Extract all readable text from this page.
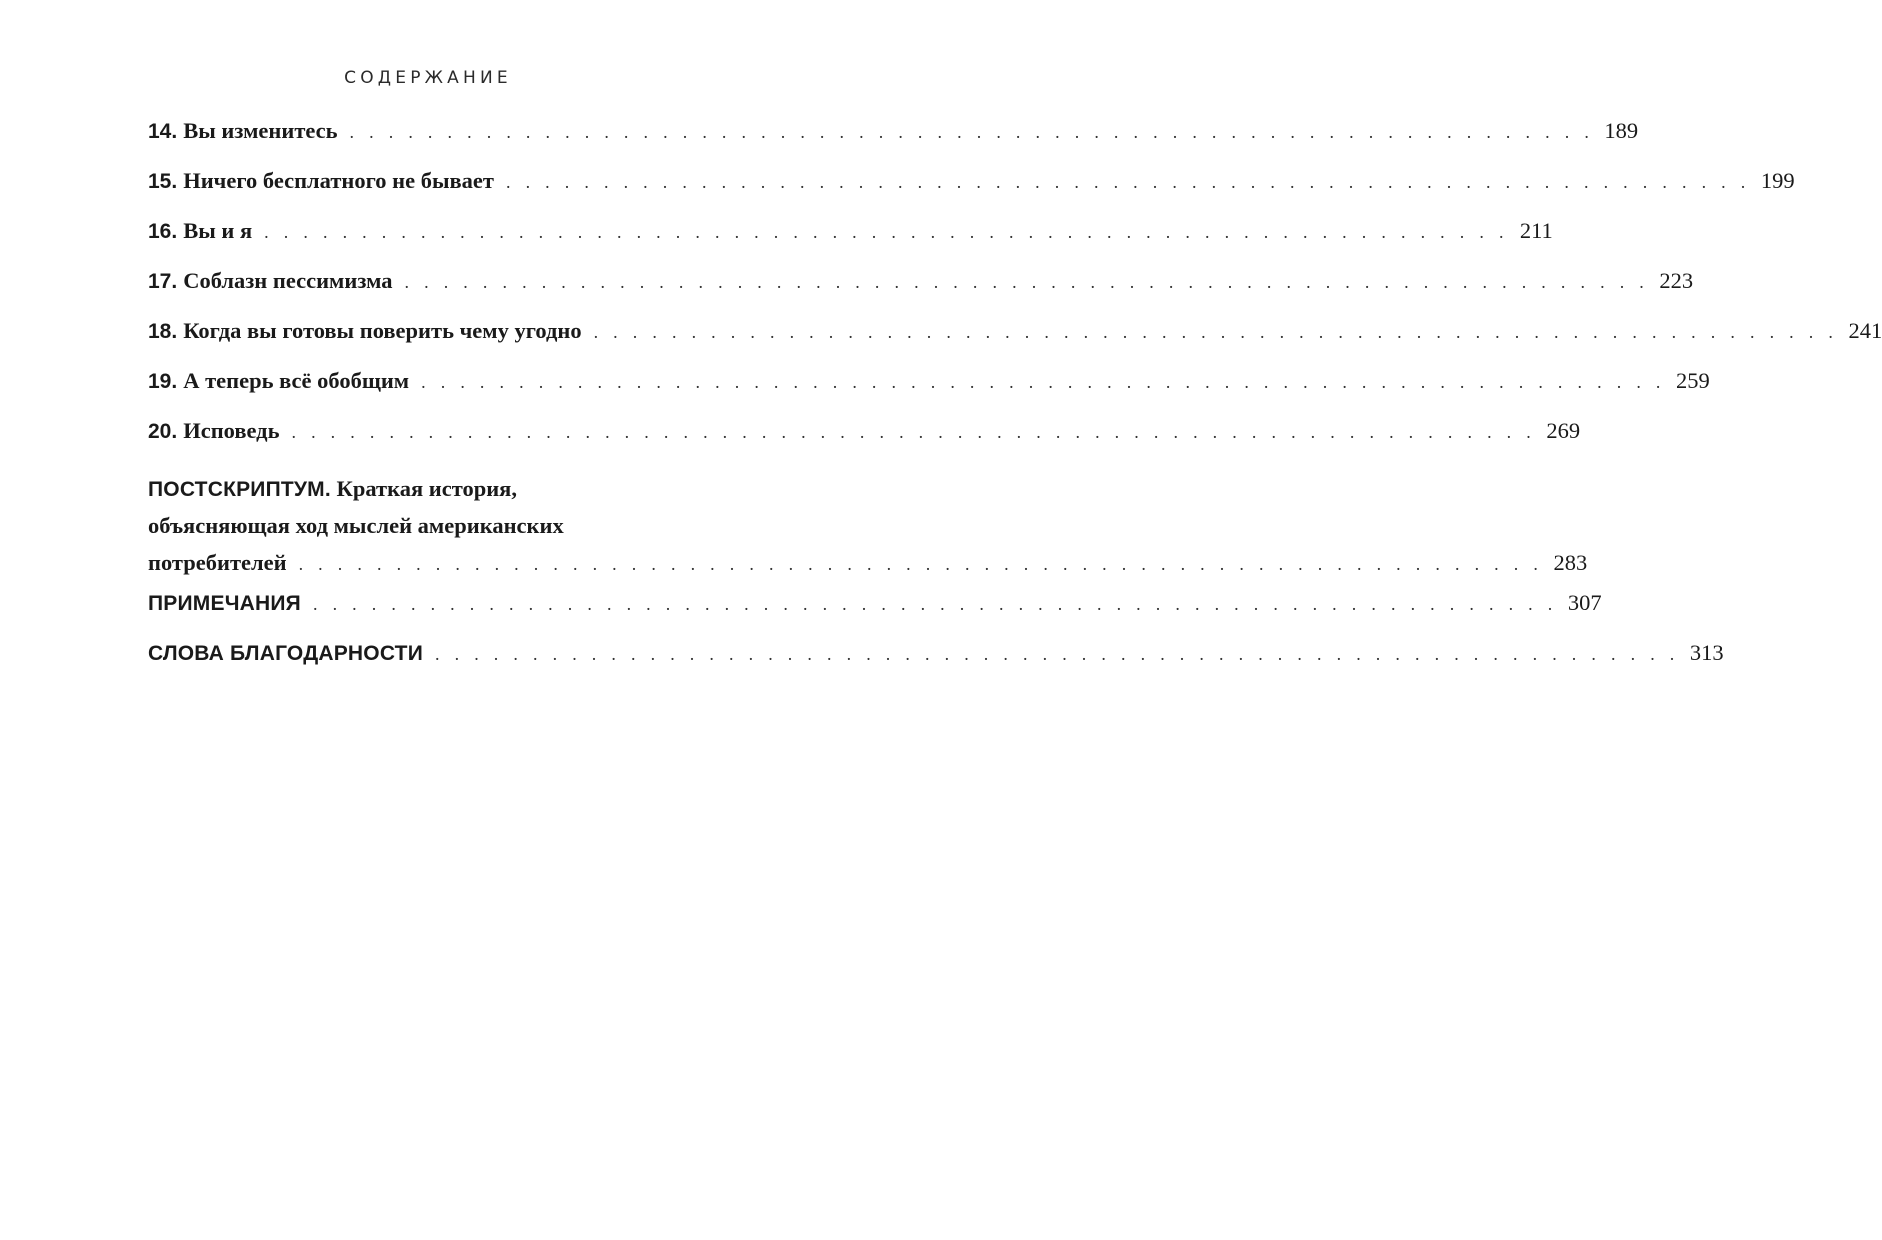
СОДЕРЖАНИЕ
14. Вы изменитесь . . . . . . . . . . . . . . . . . . . . . . . . . . . . . . . . . . . . . . . . . . . . . . . . . . . . . . . . . . . . . . . . 189
15. Ничего бесплатного не бывает . . . . . . . . . . . . . . . . . . . . . . . . . . . . . . . . . . . . . . . . . . . . . . . . . . . . . . . . . . . . . . . . 199
16. Вы и я . . . . . . . . . . . . . . . . . . . . . . . . . . . . . . . . . . . . . . . . . . . . . . . . . . . . . . . . . . . . . . . . 211
17. Соблазн пессимизма . . . . . . . . . . . . . . . . . . . . . . . . . . . . . . . . . . . . . . . . . . . . . . . . . . . . . . . . . . . . . . . . 223
18. Когда вы готовы поверить чему угодно . . . . . . . . . . . . . . . . . . . . . . . . . . . . . . . . . . . . . . . . . . . . . . . . . . . . . . . . . . . . . . . . 241
19. А теперь всё обобщим . . . . . . . . . . . . . . . . . . . . . . . . . . . . . . . . . . . . . . . . . . . . . . . . . . . . . . . . . . . . . . . . 259
20. Исповедь . . . . . . . . . . . . . . . . . . . . . . . . . . . . . . . . . . . . . . . . . . . . . . . . . . . . . . . . . . . . . . . . 269
ПОСТСКРИПТУМ. Краткая история,
объясняющая ход мыслей американских
потребителей . . . . . . . . . . . . . . . . . . . . . . . . . . . . . . . . . . . . . . . . . . . . . . . . . . . . . . . . . . . . . . . . 283
ПРИМЕЧАНИЯ . . . . . . . . . . . . . . . . . . . . . . . . . . . . . . . . . . . . . . . . . . . . . . . . . . . . . . . . . . . . . . . . 307
СЛОВА БЛАГОДАРНОСТИ . . . . . . . . . . . . . . . . . . . . . . . . . . . . . . . . . . . . . . . . . . . . . . . . . . . . . . . . . . . . . . . . 313
